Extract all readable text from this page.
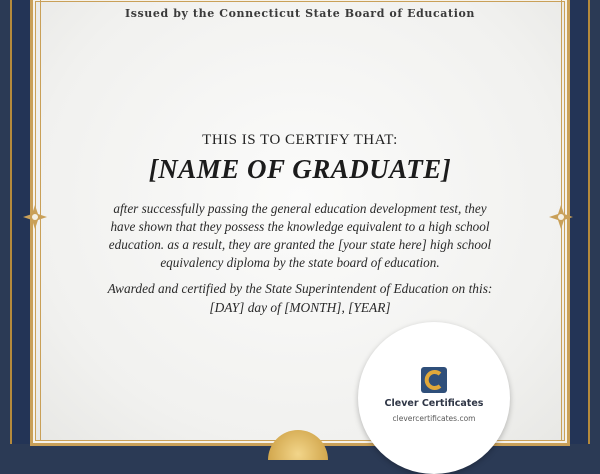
Issued by the Connecticut State Board of Education
THIS IS TO CERTIFY THAT:
[NAME OF GRADUATE]
after successfully passing the general education development test, they
have shown that they possess the knowledge equivalent to a high school
education. as a result, they are granted the [your state here] high school
equivalency diploma by the state board of education.
Awarded and certified by the State Superintendent of Education on this:
[DAY] day of [MONTH], [YEAR]
Clever Certificates
clevercertificates.com
